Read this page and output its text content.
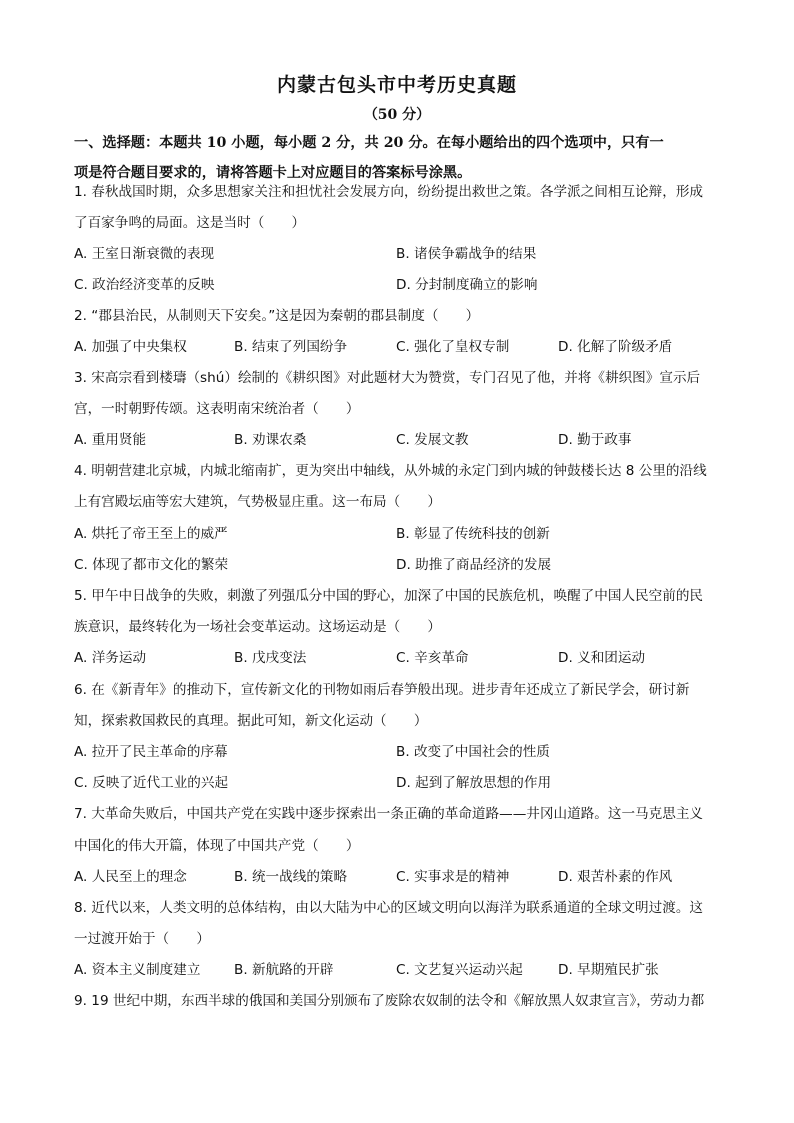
内蒙古包头市中考历史真题
（50 分）
一、选择题：本题共 10 小题，每小题 2 分，共 20 分。在每小题给出的四个选项中，只有一
项是符合题目要求的，请将答题卡上对应题目的答案标号涂黑。
1. 春秋战国时期，众多思想家关注和担忧社会发展方向，纷纷提出救世之策。各学派之间相互论辩，形成
了百家争鸣的局面。这是当时（　　）
A. 王室日渐衰微的表现	B. 诸侯争霸战争的结果
C. 政治经济变革的反映	D. 分封制度确立的影响
2. “郡县治民，从制则天下安矣。”这是因为秦朝的郡县制度（　　）
A. 加强了中央集权	B. 结束了列国纷争	C. 强化了皇权专制	D. 化解了阶级矛盾
3. 宋高宗看到楼璹（shú）绘制的《耕织图》对此题材大为赞赏，专门召见了他，并将《耕织图》宣示后
宫，一时朝野传颂。这表明南宋统治者（　　）
A. 重用贤能	B. 劝课农桑	C. 发展文教	D. 勤于政事
4. 明朝营建北京城，内城北缩南扩，更为突出中轴线，从外城的永定门到内城的钟鼓楼长达 8 公里的沿线
上有宫殿坛庙等宏大建筑，气势极显庄重。这一布局（　　）
A. 烘托了帝王至上的威严	B. 彰显了传统科技的创新
C. 体现了都市文化的繁荣	D. 助推了商品经济的发展
5. 甲午中日战争的失败，刺激了列强瓜分中国的野心，加深了中国的民族危机，唤醒了中国人民空前的民
族意识，最终转化为一场社会变革运动。这场运动是（　　）
A. 洋务运动	B. 戊戌变法	C. 辛亥革命	D. 义和团运动
6. 在《新青年》的推动下，宣传新文化的刊物如雨后春笋般出现。进步青年还成立了新民学会，研讨新
知，探索救国救民的真理。据此可知，新文化运动（　　）
A. 拉开了民主革命的序幕	B. 改变了中国社会的性质
C. 反映了近代工业的兴起	D. 起到了解放思想的作用
7. 大革命失败后，中国共产党在实践中逐步探索出一条正确的革命道路——井冈山道路。这一马克思主义
中国化的伟大开篇，体现了中国共产党（　　）
A. 人民至上的理念	B. 统一战线的策略	C. 实事求是的精神	D. 艰苦朴素的作风
8. 近代以来，人类文明的总体结构，由以大陆为中心的区域文明向以海洋为联系通道的全球文明过渡。这
一过渡开始于（　　）
A. 资本主义制度建立 B. 新航路的开辟	C. 文艺复兴运动兴起	D. 早期殖民扩张
9. 19 世纪中期，东西半球的俄国和美国分别颁布了废除农奴制的法令和《解放黑人奴隶宣言》，劳动力都
